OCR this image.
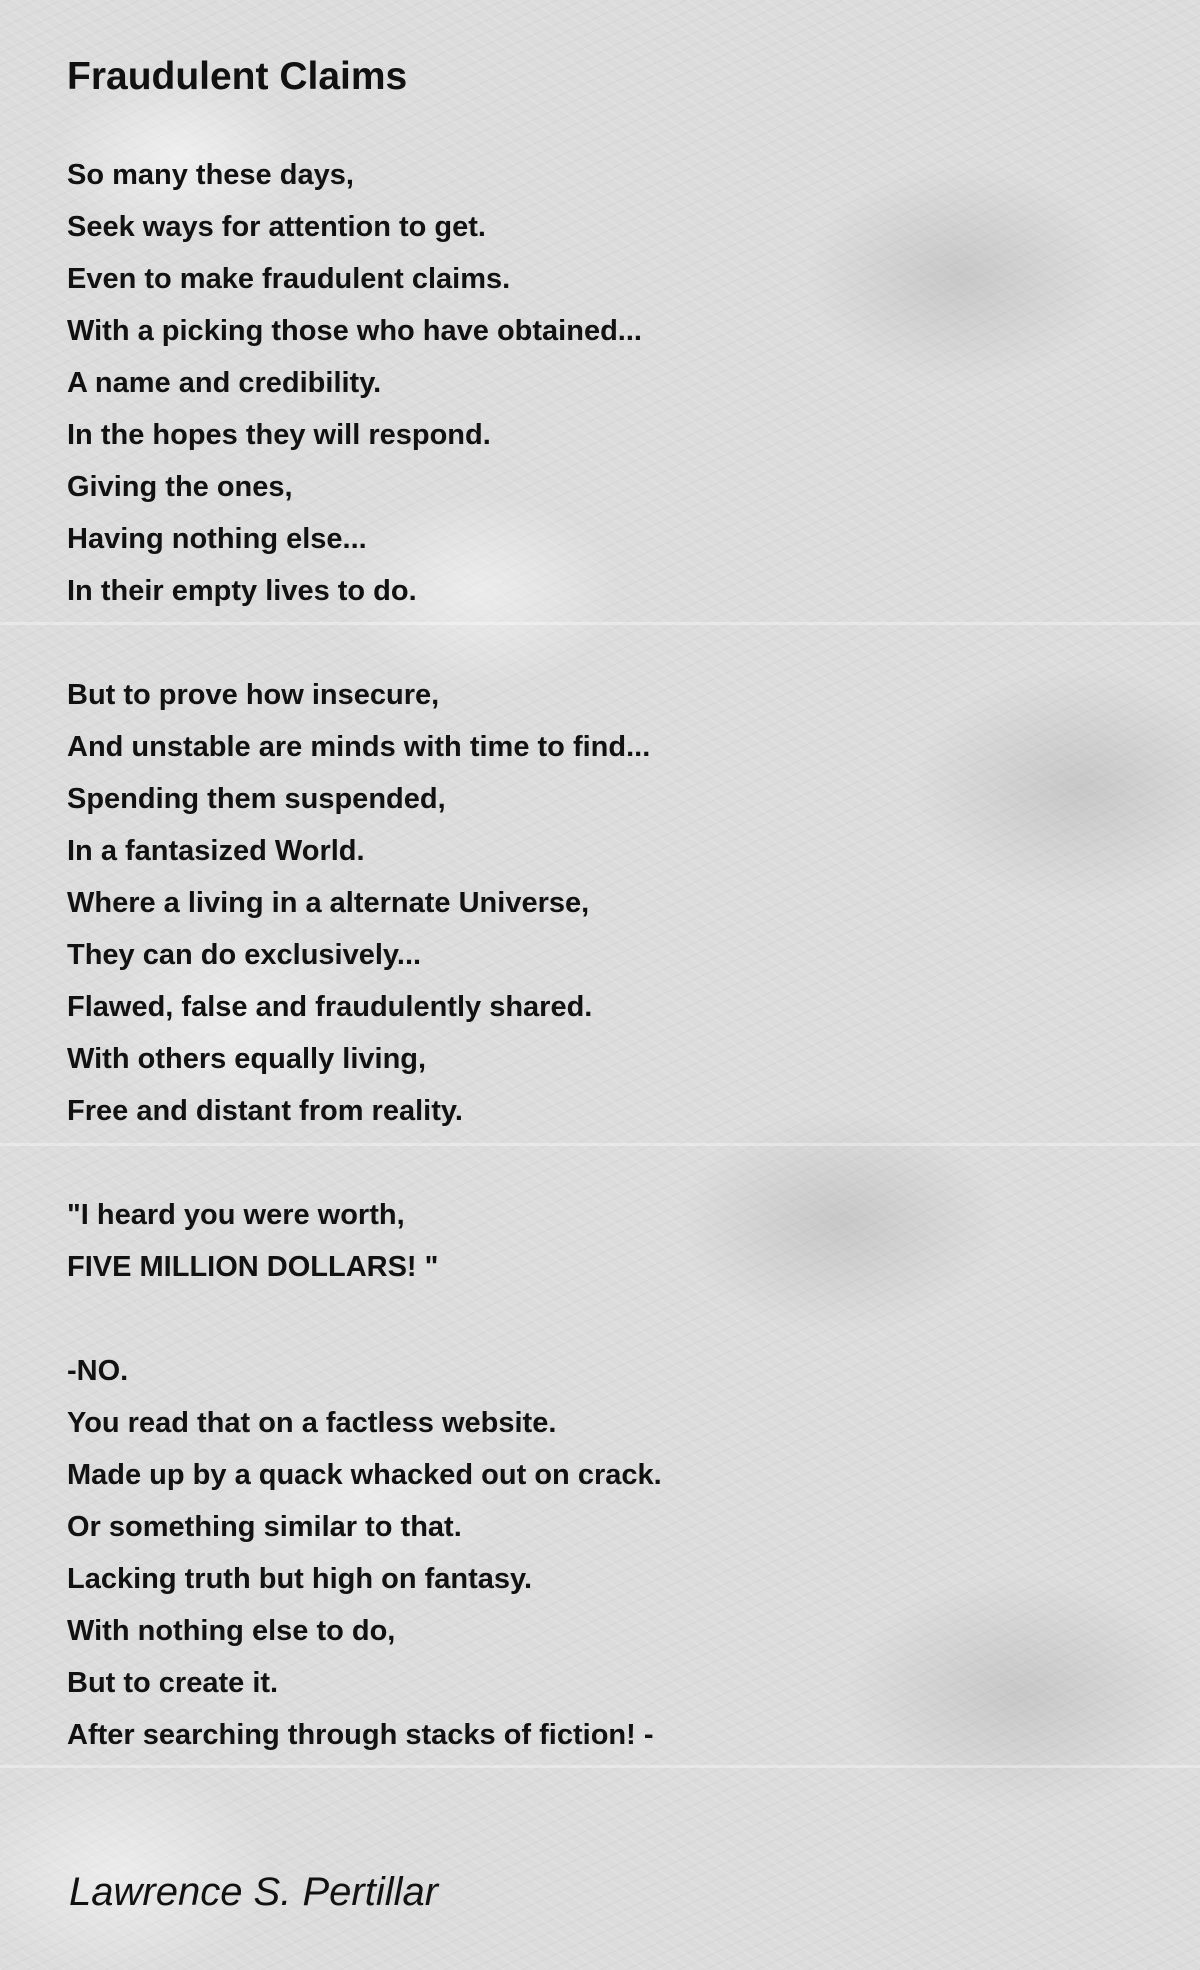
Fraudulent Claims
So many these days,
Seek ways for attention to get.
Even to make fraudulent claims.
With a picking those who have obtained...
A name and credibility.
In the hopes they will respond.
Giving the ones,
Having nothing else...
In their empty lives to do.
But to prove how insecure,
And unstable are minds with time to find...
Spending them suspended,
In a fantasized World.
Where a living in a alternate Universe,
They can do exclusively...
Flawed, false and fraudulently shared.
With others equally living,
Free and distant from reality.
"I heard you were worth,
FIVE MILLION DOLLARS! "
-NO.
You read that on a factless website.
Made up by a quack whacked out on crack.
Or something similar to that.
Lacking truth but high on fantasy.
With nothing else to do,
But to create it.
After searching through stacks of fiction! -

Lawrence S. Pertillar
